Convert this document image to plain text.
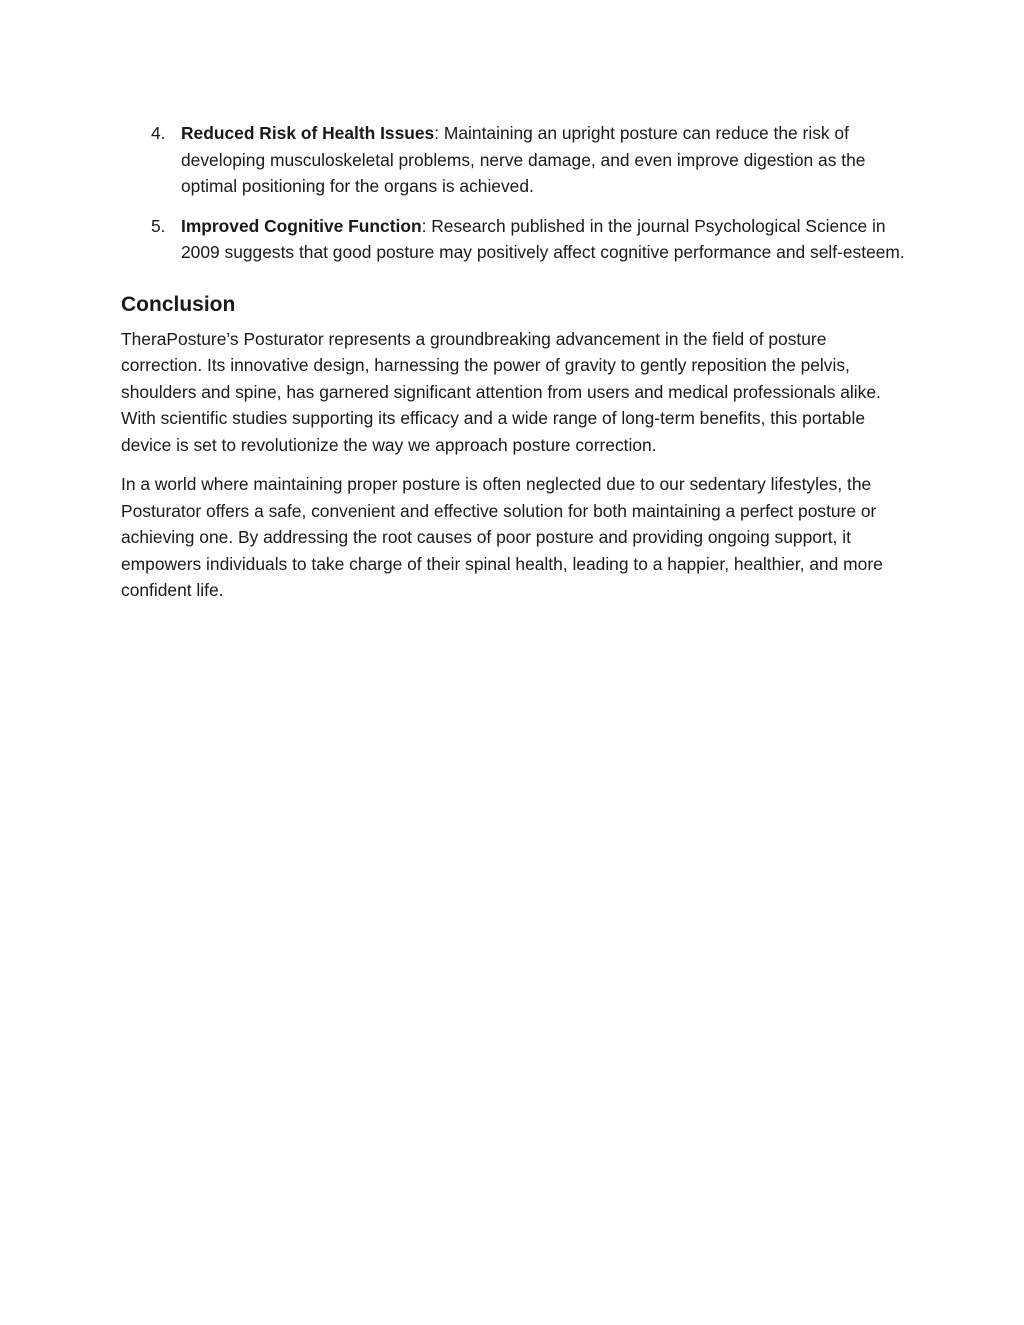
4. Reduced Risk of Health Issues: Maintaining an upright posture can reduce the risk of developing musculoskeletal problems, nerve damage, and even improve digestion as the optimal positioning for the organs is achieved.
5. Improved Cognitive Function: Research published in the journal Psychological Science in 2009 suggests that good posture may positively affect cognitive performance and self-esteem.
Conclusion

TheraPosture’s Posturator represents a groundbreaking advancement in the field of posture correction. Its innovative design, harnessing the power of gravity to gently reposition the pelvis, shoulders and spine, has garnered significant attention from users and medical professionals alike. With scientific studies supporting its efficacy and a wide range of long-term benefits, this portable device is set to revolutionize the way we approach posture correction.

In a world where maintaining proper posture is often neglected due to our sedentary lifestyles, the Posturator offers a safe, convenient and effective solution for both maintaining a perfect posture or achieving one. By addressing the root causes of poor posture and providing ongoing support, it empowers individuals to take charge of their spinal health, leading to a happier, healthier, and more confident life.
